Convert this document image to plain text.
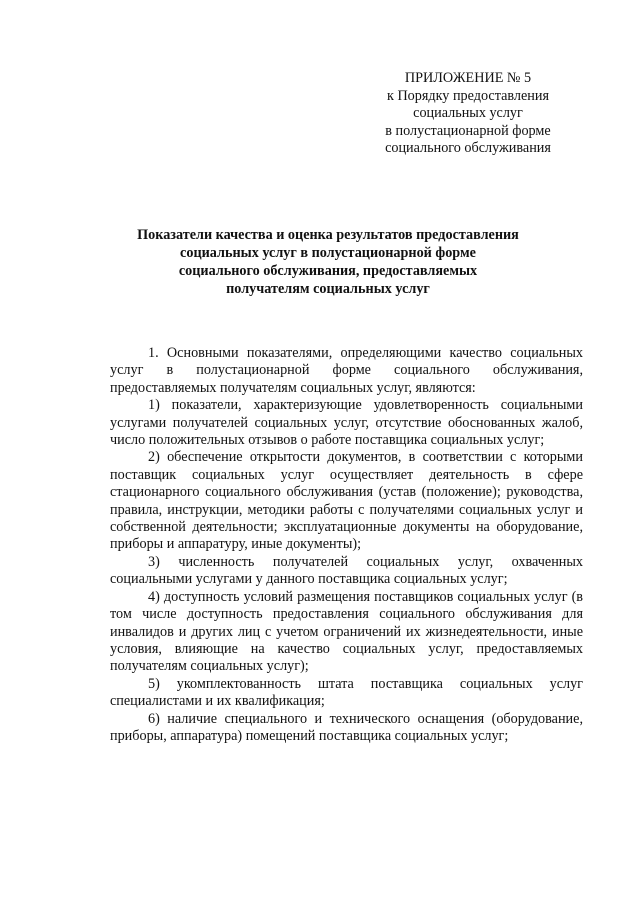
ПРИЛОЖЕНИЕ № 5
к Порядку предоставления
социальных услуг
в полустационарной форме
социального обслуживания
Показатели качества и оценка результатов предоставления
социальных услуг в полустационарной форме
социального обслуживания, предоставляемых
получателям социальных услуг

1. Основными показателями, определяющими качество социальных услуг в полустационарной форме социального обслуживания, предоставляемых получателям социальных услуг, являются:

1) показатели, характеризующие удовлетворенность социальными услугами получателей социальных услуг, отсутствие обоснованных жалоб, число положительных отзывов о работе поставщика социальных услуг;

2) обеспечение открытости документов, в соответствии с которыми поставщик социальных услуг осуществляет деятельность в сфере стационарного социального обслуживания (устав (положение); руководства, правила, инструкции, методики работы с получателями социальных услуг и собственной деятельности; эксплуатационные документы на оборудование, приборы и аппаратуру, иные документы);

3) численность получателей социальных услуг, охваченных социальными услугами у данного поставщика социальных услуг;

4) доступность условий размещения поставщиков социальных услуг (в том числе доступность предоставления социального обслуживания для инвалидов и других лиц с учетом ограничений их жизнедеятельности, иные условия, влияющие на качество социальных услуг, предоставляемых получателям социальных услуг);

5) укомплектованность штата поставщика социальных услуг специалистами и их квалификация;

6) наличие специального и технического оснащения (оборудование, приборы, аппаратура) помещений поставщика социальных услуг;
